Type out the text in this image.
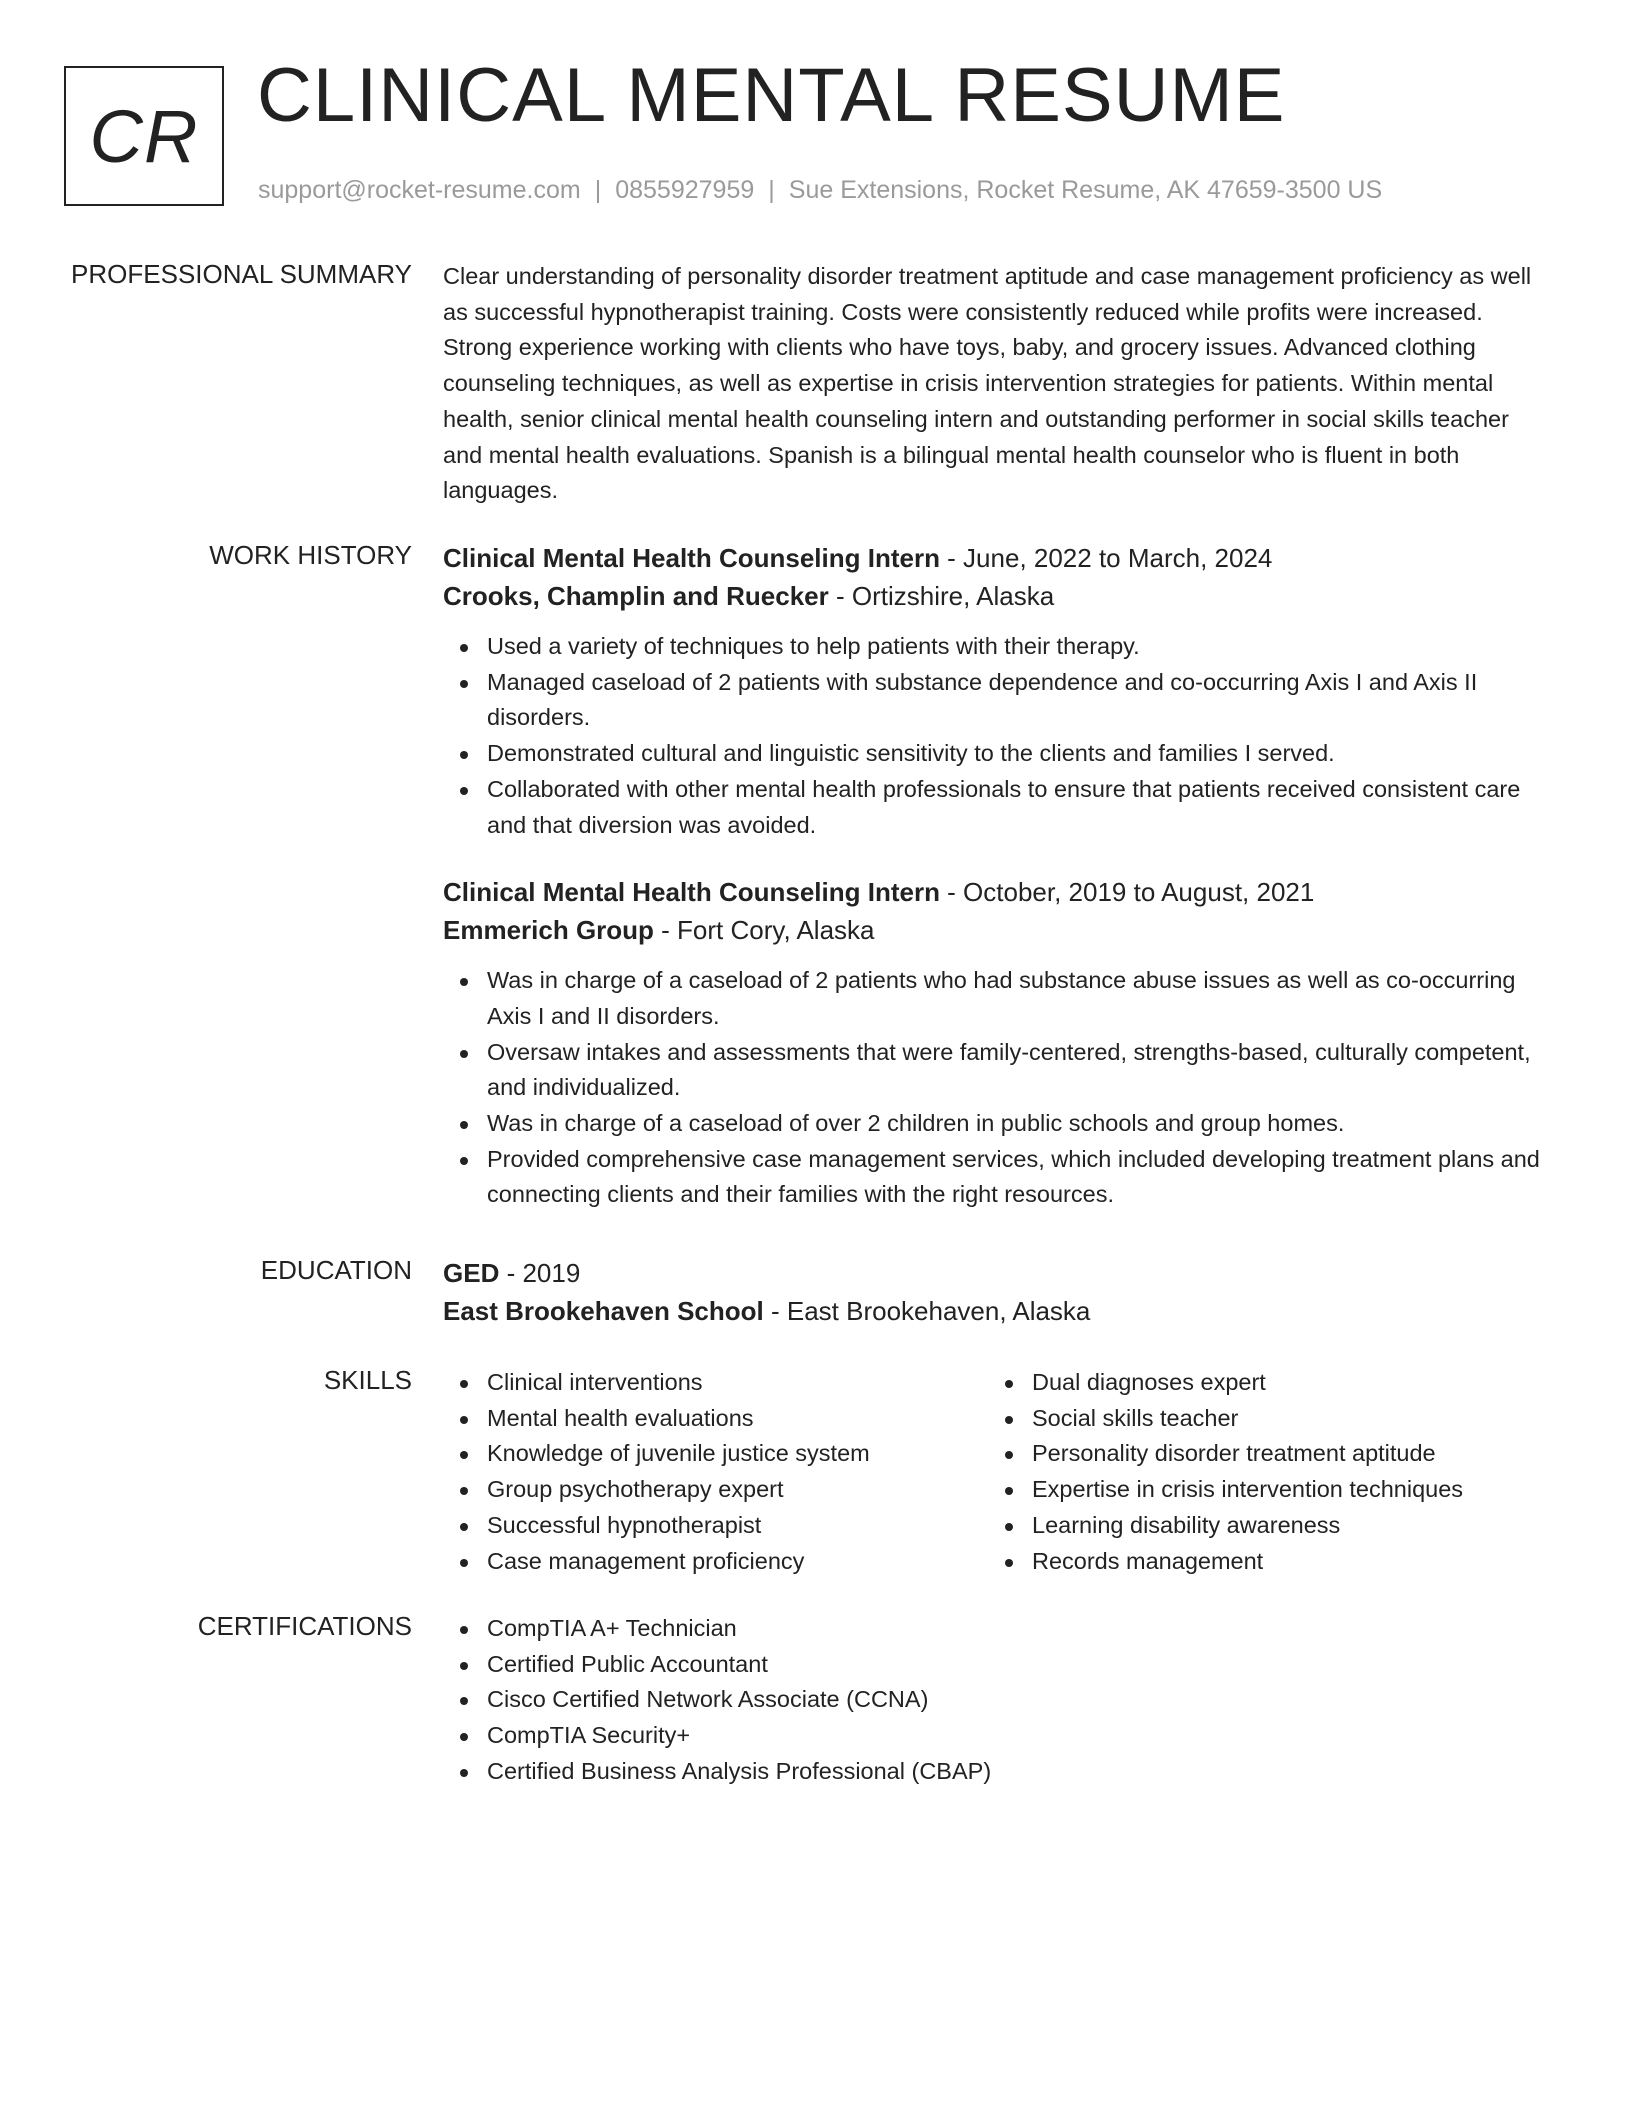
CR CLINICAL MENTAL RESUME
support@rocket-resume.com | 0855927959 | Sue Extensions, Rocket Resume, AK 47659-3500 US
PROFESSIONAL SUMMARY Clear understanding of personality disorder treatment aptitude and case management proficiency as well as successful hypnotherapist training. Costs were consistently reduced while profits were increased. Strong experience working with clients who have toys, baby, and grocery issues. Advanced clothing counseling techniques, as well as expertise in crisis intervention strategies for patients. Within mental health, senior clinical mental health counseling intern and outstanding performer in social skills teacher and mental health evaluations. Spanish is a bilingual mental health counselor who is fluent in both languages.

WORK HISTORY Clinical Mental Health Counseling Intern - June, 2022 to March, 2024
Crooks, Champlin and Ruecker - Ortizshire, Alaska
Used a variety of techniques to help patients with their therapy.
Managed caseload of 2 patients with substance dependence and co-occurring Axis I and Axis II disorders.
Demonstrated cultural and linguistic sensitivity to the clients and families I served.
Collaborated with other mental health professionals to ensure that patients received consistent care and that diversion was avoided.
Clinical Mental Health Counseling Intern - October, 2019 to August, 2021
Emmerich Group - Fort Cory, Alaska
Was in charge of a caseload of 2 patients who had substance abuse issues as well as co-occurring Axis I and II disorders.
Oversaw intakes and assessments that were family-centered, strengths-based, culturally competent, and individualized.
Was in charge of a caseload of over 2 children in public schools and group homes.
Provided comprehensive case management services, which included developing treatment plans and connecting clients and their families with the right resources.
EDUCATION GED - 2019
East Brookehaven School - East Brookehaven, Alaska
SKILLS	Clinical interventions
Mental health evaluations
Knowledge of juvenile justice system
Group psychotherapy expert
Successful hypnotherapist
Case management proficiency
Dual diagnoses expert
Social skills teacher
Personality disorder treatment aptitude
Expertise in crisis intervention techniques
Learning disability awareness
Records management
CERTIFICATIONS	CompTIA A+ Technician
Certified Public Accountant
Cisco Certified Network Associate (CCNA)
CompTIA Security+
Certified Business Analysis Professional (CBAP)
